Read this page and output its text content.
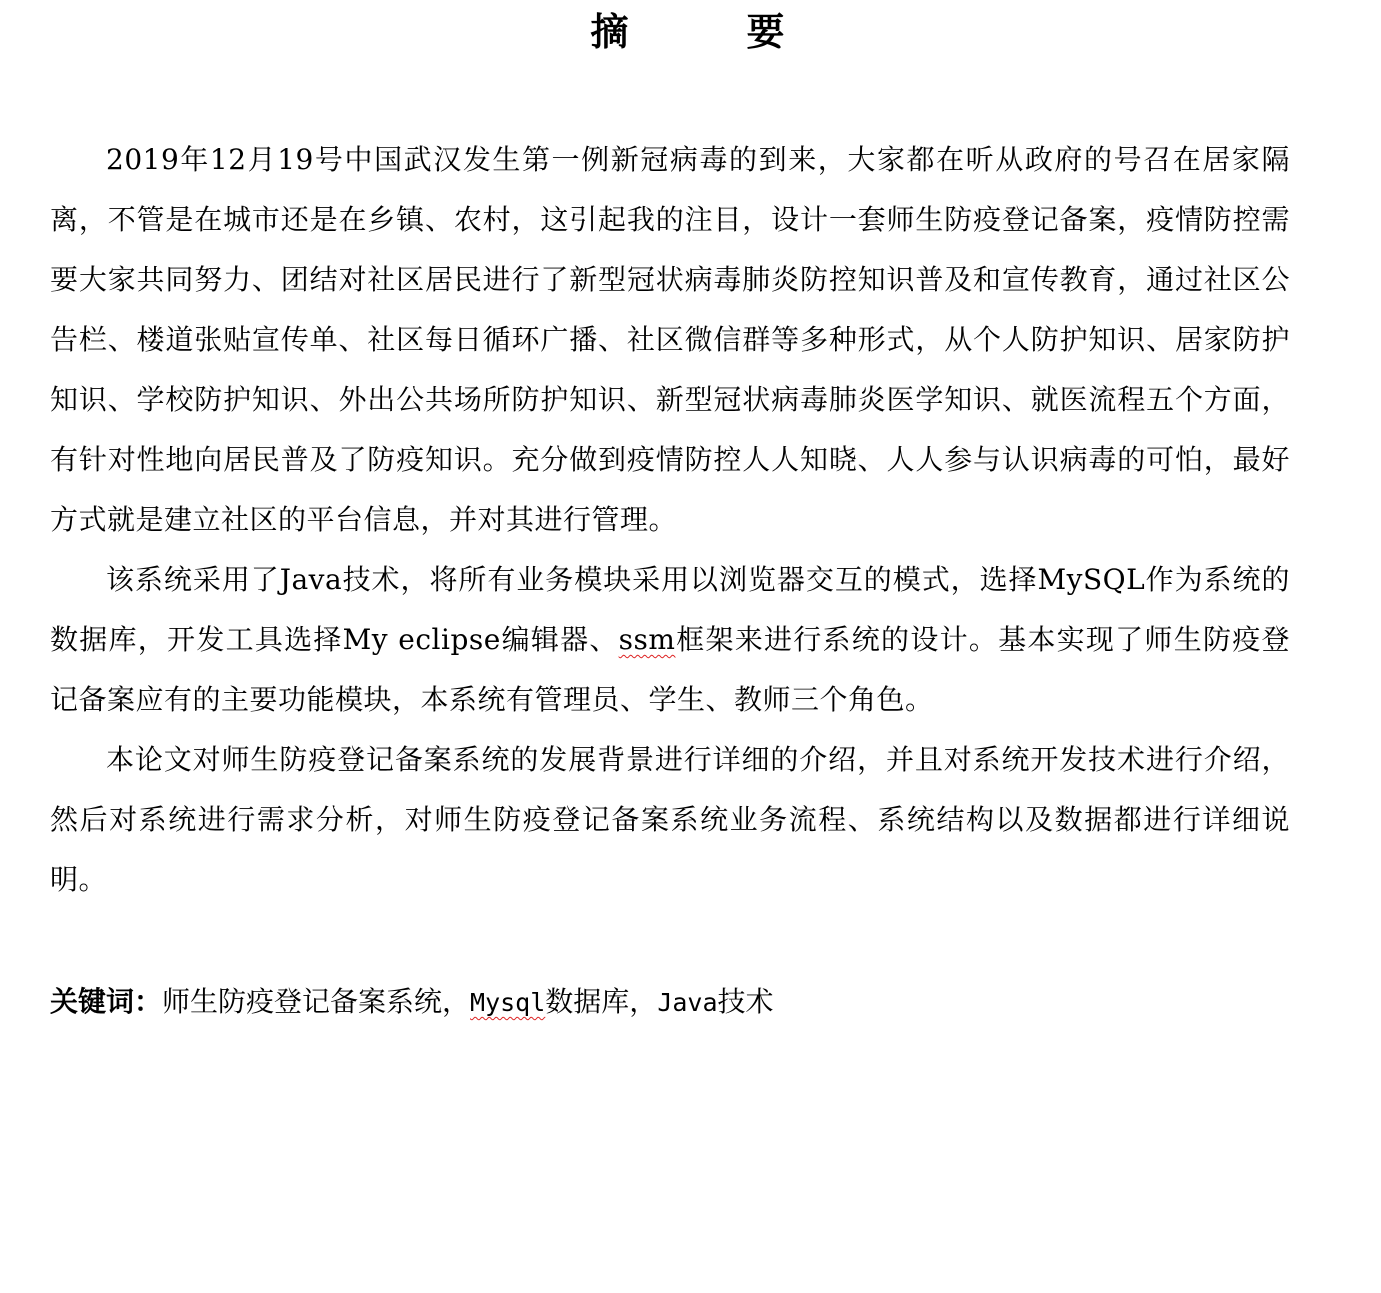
摘　要

2019年12月19号中国武汉发生第一例新冠病毒的到来，大家都在听从政府的号召在居家隔离，不管是在城市还是在乡镇、农村，这引起我的注目，设计一套师生防疫登记备案，疫情防控需要大家共同努力、团结对社区居民进行了新型冠状病毒肺炎防控知识普及和宣传教育，通过社区公告栏、楼道张贴宣传单、社区每日循环广播、社区微信群等多种形式，从个人防护知识、居家防护知识、学校防护知识、外出公共场所防护知识、新型冠状病毒肺炎医学知识、就医流程五个方面，有针对性地向居民普及了防疫知识。充分做到疫情防控人人知晓、人人参与认识病毒的可怕，最好方式就是建立社区的平台信息，并对其进行管理。

该系统采用了Java技术，将所有业务模块采用以浏览器交互的模式，选择MySQL作为系统的数据库，开发工具选择My eclipse编辑器、ssm框架来进行系统的设计。基本实现了师生防疫登记备案应有的主要功能模块，本系统有管理员、学生、教师三个角色。

本论文对师生防疫登记备案系统的发展背景进行详细的介绍，并且对系统开发技术进行介绍，然后对系统进行需求分析，对师生防疫登记备案系统业务流程、系统结构以及数据都进行详细说明。

关键词：师生防疫登记备案系统，Mysql数据库，Java技术
